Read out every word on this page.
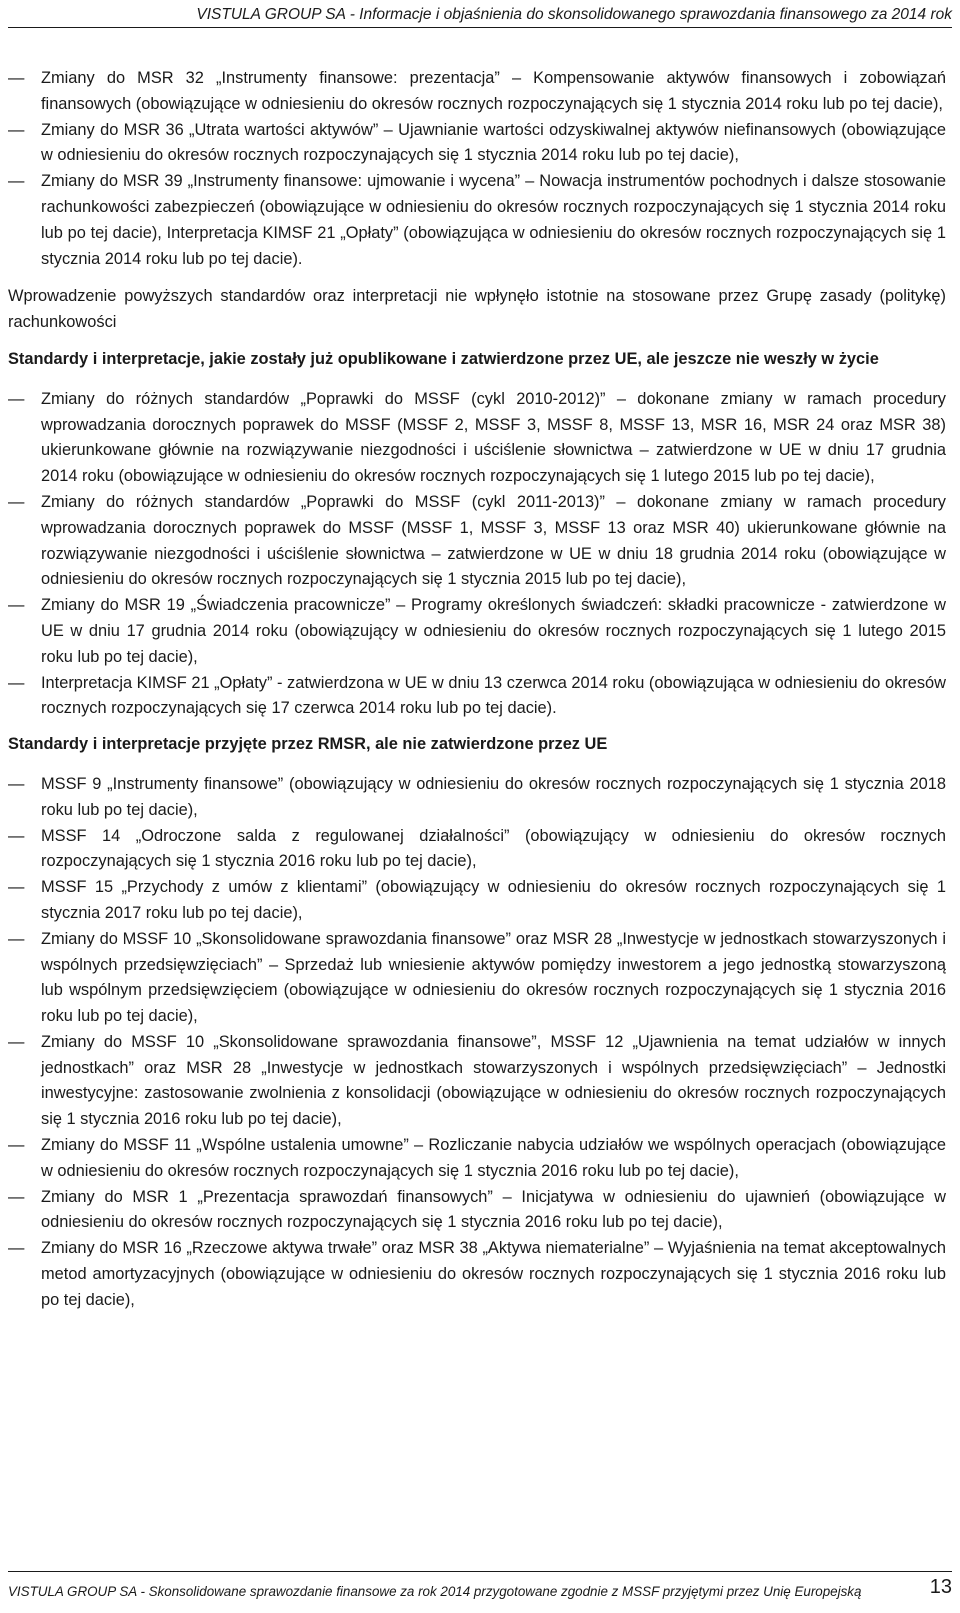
VISTULA GROUP SA - Informacje i objaśnienia do skonsolidowanego sprawozdania finansowego za 2014 rok
—	Zmiany do MSR 32 „Instrumenty finansowe: prezentacja” – Kompensowanie aktywów finansowych i zobowiązań finansowych (obowiązujące w odniesieniu do okresów rocznych rozpoczynających się 1 stycznia 2014 roku lub po tej dacie),
—	Zmiany do MSR 36 „Utrata wartości aktywów” – Ujawnianie wartości odzyskiwalnej aktywów niefinansowych (obowiązujące w odniesieniu do okresów rocznych rozpoczynających się 1 stycznia 2014 roku lub po tej dacie),
—	Zmiany do MSR 39 „Instrumenty finansowe: ujmowanie i wycena” – Nowacja instrumentów pochodnych i dalsze stosowanie rachunkowości zabezpieczeń (obowiązujące w odniesieniu do okresów rocznych rozpoczynających się 1 stycznia 2014 roku lub po tej dacie), Interpretacja KIMSF 21 „Opłaty” (obowiązująca w odniesieniu do okresów rocznych rozpoczynających się 1 stycznia 2014 roku lub po tej dacie).

Wprowadzenie powyższych standardów oraz interpretacji nie wpłynęło istotnie na stosowane przez Grupę zasady (politykę) rachunkowości

Standardy i interpretacje, jakie zostały już opublikowane i zatwierdzone przez UE, ale jeszcze nie weszły w życie
—	Zmiany do różnych standardów „Poprawki do MSSF (cykl 2010-2012)” – dokonane zmiany w ramach procedury wprowadzania dorocznych poprawek do MSSF (MSSF 2, MSSF 3, MSSF 8, MSSF 13, MSR 16, MSR 24 oraz MSR 38) ukierunkowane głównie na rozwiązywanie niezgodności i uściślenie słownictwa – zatwierdzone w UE w dniu 17 grudnia 2014 roku (obowiązujące w odniesieniu do okresów rocznych rozpoczynających się 1 lutego 2015 lub po tej dacie),
—	Zmiany do różnych standardów „Poprawki do MSSF (cykl 2011-2013)” – dokonane zmiany w ramach procedury wprowadzania dorocznych poprawek do MSSF (MSSF 1, MSSF 3, MSSF 13 oraz MSR 40) ukierunkowane głównie na rozwiązywanie niezgodności i uściślenie słownictwa – zatwierdzone w UE w dniu 18 grudnia 2014 roku (obowiązujące w odniesieniu do okresów rocznych rozpoczynających się 1 stycznia 2015 lub po tej dacie),
—	Zmiany do MSR 19 „Świadczenia pracownicze” – Programy określonych świadczeń: składki pracownicze - zatwierdzone w UE w dniu 17 grudnia 2014 roku (obowiązujący w odniesieniu do okresów rocznych rozpoczynających się 1 lutego 2015 roku lub po tej dacie),
—	Interpretacja KIMSF 21 „Opłaty” - zatwierdzona w UE w dniu 13 czerwca 2014 roku (obowiązująca w odniesieniu do okresów rocznych rozpoczynających się 17 czerwca 2014 roku lub po tej dacie).
Standardy i interpretacje przyjęte przez RMSR, ale nie zatwierdzone przez UE
—	MSSF 9 „Instrumenty finansowe” (obowiązujący w odniesieniu do okresów rocznych rozpoczynających się 1 stycznia 2018 roku lub po tej dacie),
—	MSSF 14 „Odroczone salda z regulowanej działalności” (obowiązujący w odniesieniu do okresów rocznych rozpoczynających się 1 stycznia 2016 roku lub po tej dacie),
—	MSSF 15 „Przychody z umów z klientami” (obowiązujący w odniesieniu do okresów rocznych rozpoczynających się 1 stycznia 2017 roku lub po tej dacie),
—	Zmiany do MSSF 10 „Skonsolidowane sprawozdania finansowe” oraz MSR 28 „Inwestycje w jednostkach stowarzyszonych i wspólnych przedsięwzięciach” – Sprzedaż lub wniesienie aktywów pomiędzy inwestorem a jego jednostką stowarzyszoną lub wspólnym przedsięwzięciem (obowiązujące w odniesieniu do okresów rocznych rozpoczynających się 1 stycznia 2016 roku lub po tej dacie),
—	Zmiany do MSSF 10 „Skonsolidowane sprawozdania finansowe”, MSSF 12 „Ujawnienia na temat udziałów w innych jednostkach” oraz MSR 28 „Inwestycje w jednostkach stowarzyszonych i wspólnych przedsięwzięciach” – Jednostki inwestycyjne: zastosowanie zwolnienia z konsolidacji (obowiązujące w odniesieniu do okresów rocznych rozpoczynających się 1 stycznia 2016 roku lub po tej dacie),
—	Zmiany do MSSF 11 „Wspólne ustalenia umowne” – Rozliczanie nabycia udziałów we wspólnych operacjach (obowiązujące w odniesieniu do okresów rocznych rozpoczynających się 1 stycznia 2016 roku lub po tej dacie),
—	Zmiany do MSR 1 „Prezentacja sprawozdań finansowych” – Inicjatywa w odniesieniu do ujawnień (obowiązujące w odniesieniu do okresów rocznych rozpoczynających się 1 stycznia 2016 roku lub po tej dacie),
—	Zmiany do MSR 16 „Rzeczowe aktywa trwałe” oraz MSR 38 „Aktywa niematerialne” – Wyjaśnienia na temat akceptowalnych metod amortyzacyjnych (obowiązujące w odniesieniu do okresów rocznych rozpoczynających się 1 stycznia 2016 roku lub po tej dacie),
VISTULA GROUP SA - Skonsolidowane sprawozdanie finansowe za rok 2014 przygotowane zgodnie z MSSF przyjętymi przez Unię Europejską	13
